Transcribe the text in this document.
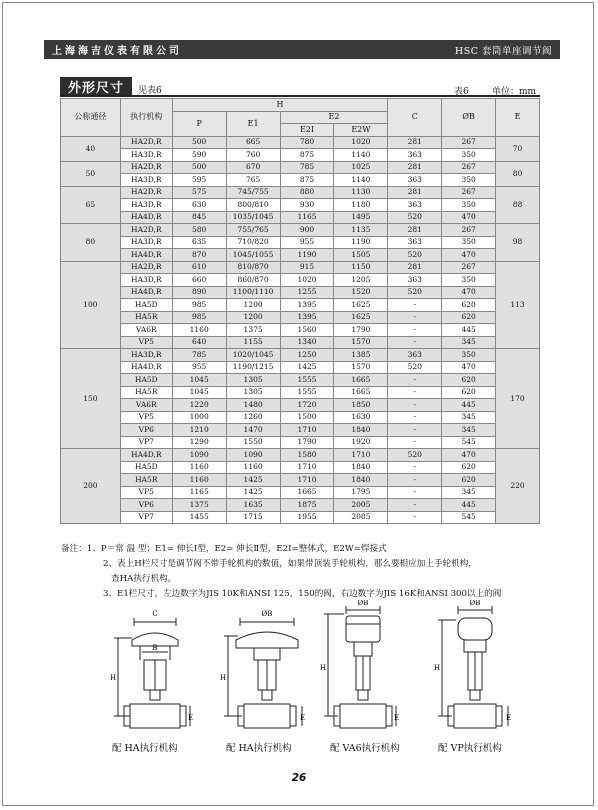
上海海吉仪表有限公司	HSC 套筒单座调节阀
外形尺寸	见表6	表6	单位：mm
公称通径	执行机构	H				C	ØB	E
		P	E1	E2				
				E2I	E2W			
40	HA2D,R	500	665	780	1020	281	267	70
	HA3D,R	590	760	875	1140	363	350	
50	HA2D,R	500	670	785	1025	281	267	80
	HA3D,R	595	765	875	1140	363	350	
65	HA2D,R	575	745/755	880	1130	281	267	88
	HA3D,R	630	800/810	930	1180	363	350	
	HA4D,R	845	1035/1045	1165	1495	520	470	
80	HA2D,R	580	755/765	900	1135	281	267	98
	HA3D,R	635	710/820	955	1190	363	350	
	HA4D,R	870	1045/1055	1190	1505	520	470	
100	HA2D,R	610	810/870	915	1150	281	267	113
	HA3D,R	660	860/870	1020	1205	363	350	
	HA4D,R	890	1100/1110	1255	1520	520	470	
	HA5D	985	1200	1395	1625	-	620	
	HA5R	985	1200	1395	1625	-	620	
	VA6R	1160	1375	1560	1790	-	445	
	VP5	640	1155	1340	1570	-	345	
150	HA3D,R	785	1020/1045	1250	1385	363	350	170
	HA4D,R	955	1190/1215	1425	1570	520	470	
	HA5D	1045	1305	1555	1665	-	620	
	HA5R	1045	1305	1555	1665	-	620	
	VA6R	1220	1480	1720	1850	-	445	
	VP5	1000	1260	1500	1630	-	345	
	VP6	1210	1470	1710	1840	-	345	
	VP7	1290	1550	1790	1920	-	545	
200	HA4D,R	1090	1090	1580	1710	520	470	220
	HA5D	1160	1160	1710	1840	-	620	
	HA5R	1160	1425	1710	1840	-	620	
	VP5	1165	1425	1665	1795	-	345	
	VP6	1375	1635	1875	2005	-	445	
	VP7	1455	1715	1955	2085	-	545	
备注：1、P＝常 温 型；E1= 伸长Ⅰ型，E2= 伸长Ⅱ型，E2I=整体式，E2W=焊接式
2、表上H栏尺寸是调节阀不带手轮机构的数值，如果带顶装手轮机构，那么要相应加上手轮机构，
查HA执行机构。
3、E1栏尺寸，左边数字为JIS 10K和ANSI 125，150的阀，右边数字为JIS 16K和ANSI 300以上的阀
C
B
H
E
配 HA执行机构
ØB
H
E
配 HA执行机构
ØB
H
E
配 VA6执行机构
ØB
H
E
配 VP执行机构
26
